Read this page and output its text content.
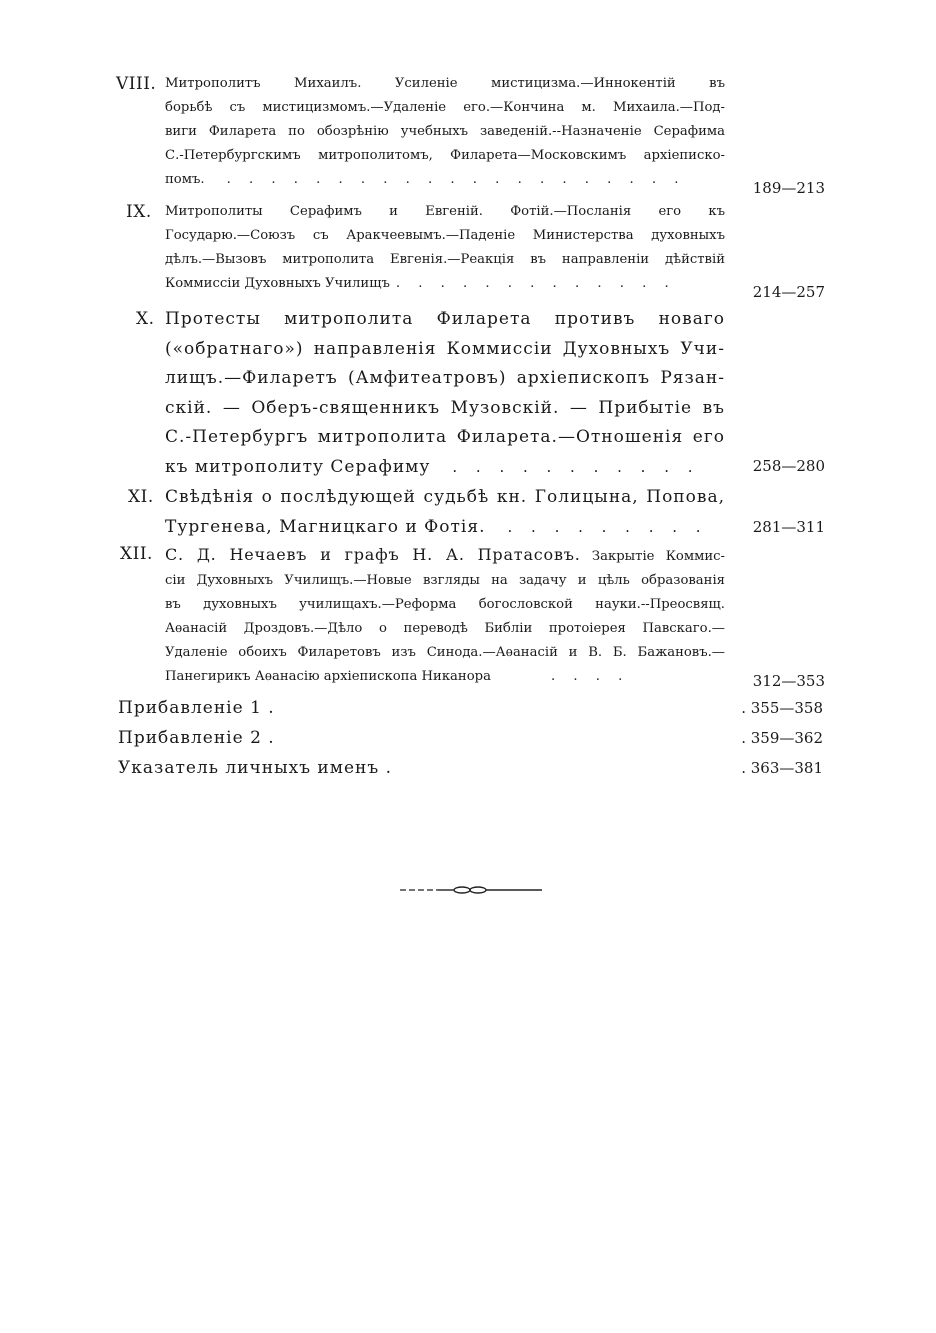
VIII. Митрополитъ Михаилъ. Усиленіе мистицизма.—Иннокентій въ
борьбѣ съ мистицизмомъ.—Удаленіе его.—Кончина м. Михаила.—Под-
виги Филарета по обозрѣнію учебныхъ заведеній.--Назначеніе Серафима
С.-Петербургскимъ митрополитомъ, Филарета—Московскимъ архіеписко-
помъ. . . . . . . . . . . . . . . . . . . . . .	189—213
IX. Митрополиты Серафимъ и Евгеній. Фотій.—Посланія его къ
Государю.—Союзъ съ Аракчеевымъ.—Паденіе Министерства духовныхъ
дѣлъ.—Вызовъ митрополита Евгенія.—Реакція въ направленіи дѣйствій
Коммиссіи Духовныхъ Училищъ . . . . . . . . . . . . .	214—257
X. Протесты митрополита Филарета противъ новаго
(«обратнаго») направленія Коммиссіи Духовныхъ Учи-
лищъ.—Филаретъ (Амфитеатровъ) архіепископъ Рязан-
скій. — Оберъ-священникъ Музовскій. — Прибытіе въ
С.-Петербургъ митрополита Филарета.—Отношенія его
къ митрополиту Серафиму . . . . . . . . . . .	258—280
XI. Свѣдѣнія о послѣдующей судьбѣ кн. Голицына, Попова,
Тургенева, Магницкаго и Фотія. . . . . . . . . .	281—311
XII. С. Д. Нечаевъ и графъ Н. А. Пратасовъ. Закрытіе Коммис-
сіи Духовныхъ Училищъ.—Новые взгляды на задачу и цѣль образованія
въ духовныхъ училищахъ.—Реформа богословской науки.--Преосвящ.
Аѳанасій Дроздовъ.—Дѣло о переводѣ Библіи протоіерея Павскаго.—
Удаленіе обоихъ Филаретовъ изъ Синода.—Аѳанасій и В. Б. Бажановъ.—
Панегирикъ Аѳанасію архіепископа Никанора	. . . .	312—353
Прибавленіе 1 .	. 355—358
Прибавленіе 2 .	. 359—362
Указатель личныхъ именъ .	. 363—381
